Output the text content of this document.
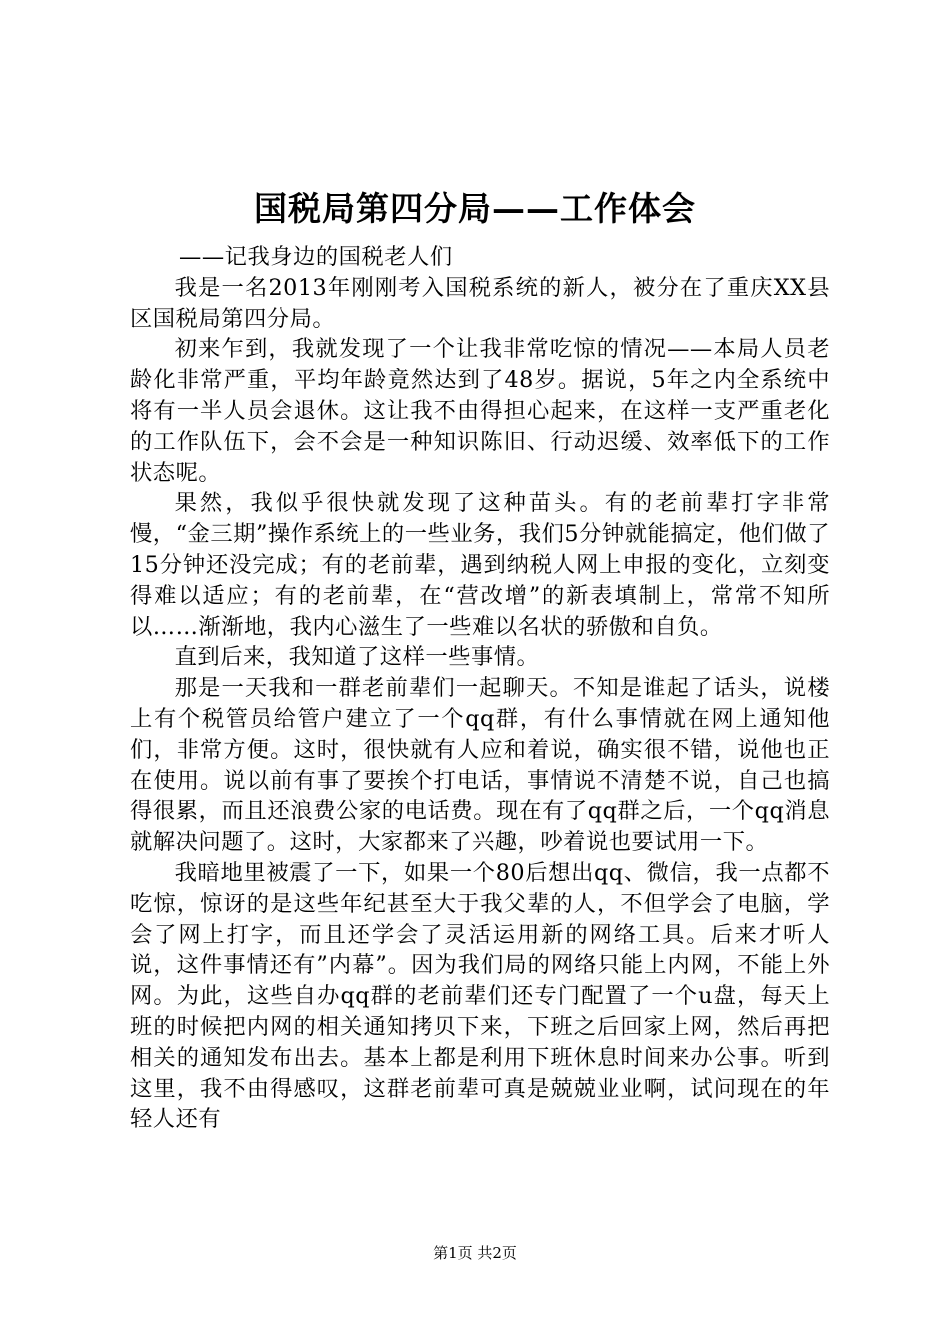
国税局第四分局——工作体会

——记我身边的国税老人们

我是一名2013年刚刚考入国税系统的新人，被分在了重庆XX县区国税局第四分局。

初来乍到，我就发现了一个让我非常吃惊的情况——本局人员老龄化非常严重，平均年龄竟然达到了48岁。据说，5年之内全系统中将有一半人员会退休。这让我不由得担心起来，在这样一支严重老化的工作队伍下，会不会是一种知识陈旧、行动迟缓、效率低下的工作状态呢。

果然，我似乎很快就发现了这种苗头。有的老前辈打字非常慢，“金三期”操作系统上的一些业务，我们5分钟就能搞定，他们做了15分钟还没完成；有的老前辈，遇到纳税人网上申报的变化，立刻变得难以适应；有的老前辈，在“营改增”的新表填制上，常常不知所以……渐渐地，我内心滋生了一些难以名状的骄傲和自负。

直到后来，我知道了这样一些事情。

那是一天我和一群老前辈们一起聊天。不知是谁起了话头，说楼上有个税管员给管户建立了一个qq群，有什么事情就在网上通知他们，非常方便。这时，很快就有人应和着说，确实很不错，说他也正在使用。说以前有事了要挨个打电话，事情说不清楚不说，自己也搞得很累，而且还浪费公家的电话费。现在有了qq群之后，一个qq消息就解决问题了。这时，大家都来了兴趣，吵着说也要试用一下。

我暗地里被震了一下，如果一个80后想出qq、微信，我一点都不吃惊，惊讶的是这些年纪甚至大于我父辈的人，不但学会了电脑，学会了网上打字，而且还学会了灵活运用新的网络工具。后来才听人说，这件事情还有”内幕”。因为我们局的网络只能上内网，不能上外网。为此，这些自办qq群的老前辈们还专门配置了一个u盘，每天上班的时候把内网的相关通知拷贝下来，下班之后回家上网，然后再把相关的通知发布出去。基本上都是利用下班休息时间来办公事。听到这里，我不由得感叹，这群老前辈可真是兢兢业业啊，试问现在的年轻人还有

第1页 共2页
